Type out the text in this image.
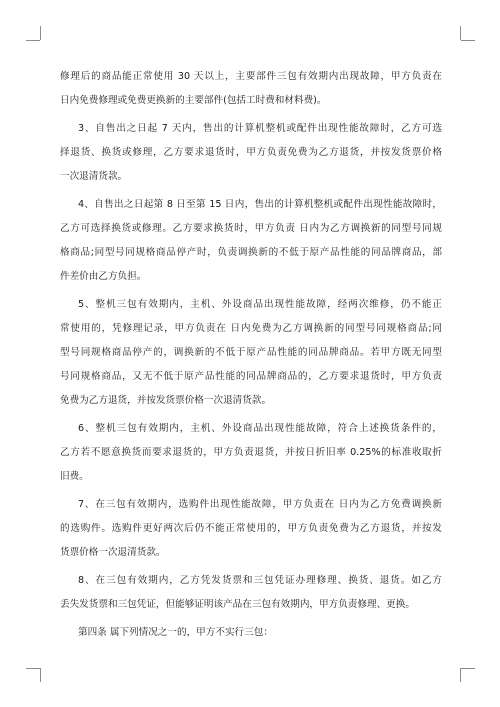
修理后的商品能正常使用 30 天以上，主要部件三包有效期内出现故障，甲方负责在
日内免费修理或免费更换新的主要部件(包括工时费和材料费)。
3、自售出之日起 7 天内，售出的计算机整机或配件出现性能故障时，乙方可选
择退货、换货或修理，乙方要求退货时，甲方负责免费为乙方退货，并按发货票价格
一次退清货款。
4、自售出之日起第 8 日至第 15 日内，售出的计算机整机或配件出现性能故障时，
乙方可选择换货或修理。乙方要求换货时，甲方负责 日内为乙方调换新的同型号同规
格商品;同型号同规格商品停产时，负责调换新的不低于原产品性能的同品牌商品，部
件差价由乙方负担。
5、整机三包有效期内，主机、外设商品出现性能故障，经两次维修，仍不能正
常使用的，凭修理记录，甲方负责在 日内免费为乙方调换新的同型号同规格商品;同
型号同规格商品停产的，调换新的不低于原产品性能的同品牌商品。若甲方既无同型
号同规格商品，又无不低于原产品性能的同品牌商品的，乙方要求退货时，甲方负责
免费为乙方退货，并按发货票价格一次退清货款。
6、整机三包有效期内，主机、外设商品出现性能故障，符合上述换货条件的，
乙方若不愿意换货而要求退货的，甲方负责退货，并按日折旧率 0.25%的标准收取折
旧费。
7、在三包有效期内，选购件出现性能故障，甲方负责在 日内为乙方免费调换新
的选购件。选购件更好两次后仍不能正常使用的，甲方负责免费为乙方退货，并按发
货票价格一次退清货款。
8、在三包有效期内，乙方凭发货票和三包凭证办理修理、换货、退货。如乙方
丢失发货票和三包凭证，但能够证明该产品在三包有效期内，甲方负责修理、更换。
第四条 属下列情况之一的，甲方不实行三包：
